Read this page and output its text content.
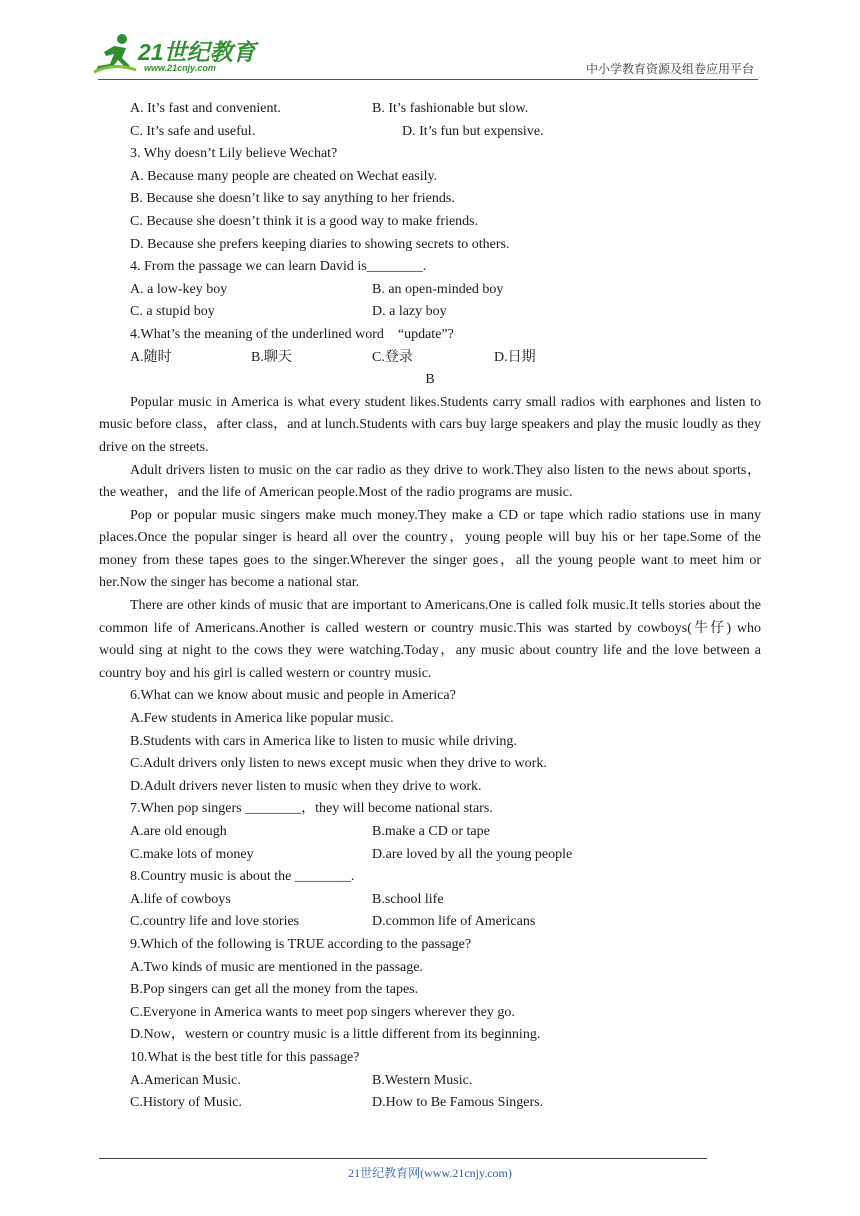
21世纪教育
www.21cnjy.com	中小学教育资源及组卷应用平台
A. It’s fast and convenient.	B. It’s fashionable but slow.
C. It’s safe and useful.	D. It’s fun but expensive.

3. Why doesn’t Lily believe Wechat?

A. Because many people are cheated on Wechat easily.

B. Because she doesn’t like to say anything to her friends.

C. Because she doesn’t think it is a good way to make friends.

D. Because she prefers keeping diaries to showing secrets to others.

4. From the passage we can learn David is________.

A. a low-key boy	B. an open-minded boy
C. a stupid boy	D. a lazy boy

4.What’s the meaning of the underlined word　“update”?

A.随时	B.聊天	C.登录	D.日期

B

Popular music in America is what every student likes.Students carry small radios with earphones and listen to music before class，after class，and at lunch.Students with cars buy large speakers and play the music loudly as they drive on the streets.

Adult drivers listen to music on the car radio as they drive to work.They also listen to the news about sports，the weather，and the life of American people.Most of the radio programs are music.

Pop or popular music singers make much money.They make a CD or tape which radio stations use in many places.Once the popular singer is heard all over the country，young people will buy his or her tape.Some of the money from these tapes goes to the singer.Wherever the singer goes，all the young people want to meet him or her.Now the singer has become a national star.

There are other kinds of music that are important to Americans.One is called folk music.It tells stories about the common life of Americans.Another is called western or country music.This was started by cowboys(牛仔) who would sing at night to the cows they were watching.Today，any music about country life and the love between a country boy and his girl is called western or country music.

6.What can we know about music and people in America?

A.Few students in America like popular music.

B.Students with cars in America like to listen to music while driving.

C.Adult drivers only listen to news except music when they drive to work.

D.Adult drivers never listen to music when they drive to work.

7.When pop singers ________，they will become national stars.

A.are old enough	B.make a CD or tape
C.make lots of money	D.are loved by all the young people

8.Country music is about the ________.

A.life of cowboys	B.school life
C.country life and love stories	D.common life of Americans

9.Which of the following is TRUE according to the passage?

A.Two kinds of music are mentioned in the passage.

B.Pop singers can get all the money from the tapes.

C.Everyone in America wants to meet pop singers wherever they go.

D.Now，western or country music is a little different from its beginning.

10.What is the best title for this passage?

A.American Music.	B.Western Music.
C.History of Music.	D.How to Be Famous Singers.
21世纪教育网(www.21cnjy.com)
